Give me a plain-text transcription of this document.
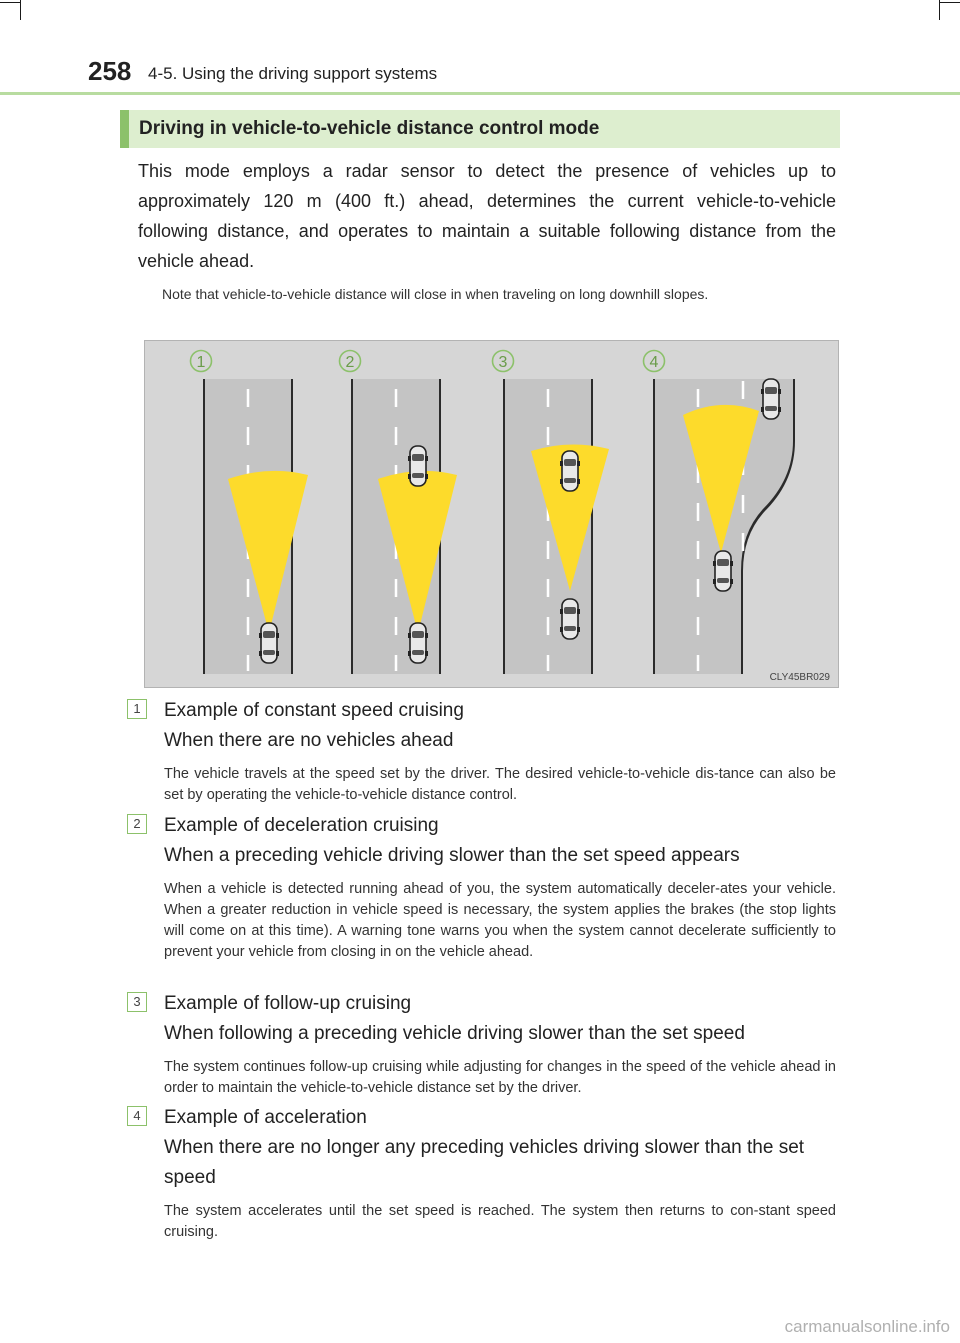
258 4-5. Using the driving support systems
Driving in vehicle-to-vehicle distance control mode
This mode employs a radar sensor to detect the presence of vehicles up to approximately 120 m (400 ft.) ahead, determines the current vehicle-to-vehicle following distance, and operates to maintain a suitable following distance from the vehicle ahead.
Note that vehicle-to-vehicle distance will close in when traveling on long downhill slopes.
1	2	3	4
CLY45BR029
1	Example of constant speed cruising
When there are no vehicles ahead
The vehicle travels at the speed set by the driver. The desired vehicle-to-vehicle dis-tance can also be set by operating the vehicle-to-vehicle distance control.
2	Example of deceleration cruising
When a preceding vehicle driving slower than the set speed appears
When a vehicle is detected running ahead of you, the system automatically deceler-ates your vehicle. When a greater reduction in vehicle speed is necessary, the system applies the brakes (the stop lights will come on at this time). A warning tone warns you when the system cannot decelerate sufficiently to prevent your vehicle from closing in on the vehicle ahead.
3	Example of follow-up cruising
When following a preceding vehicle driving slower than the set speed
The system continues follow-up cruising while adjusting for changes in the speed of the vehicle ahead in order to maintain the vehicle-to-vehicle distance set by the driver.
4	Example of acceleration
When there are no longer any preceding vehicles driving slower than the set speed
The system accelerates until the set speed is reached. The system then returns to con-stant speed cruising.
carmanualsonline.info
